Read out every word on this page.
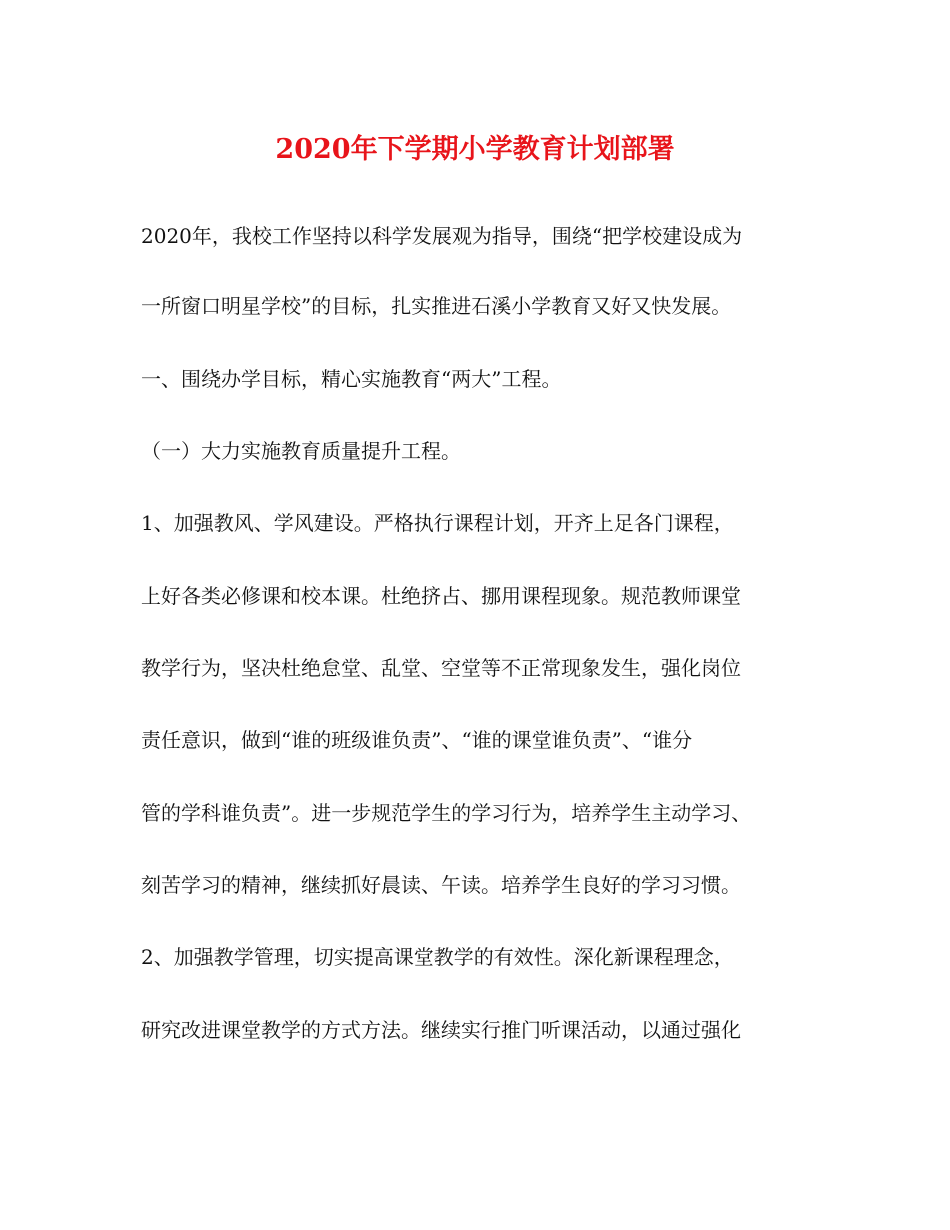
2020年下学期小学教育计划部署
2020年，我校工作坚持以科学发展观为指导，围绕“把学校建设成为
一所窗口明星学校”的目标，扎实推进石溪小学教育又好又快发展。
一、围绕办学目标，精心实施教育“两大”工程。
（一）大力实施教育质量提升工程。
1、加强教风、学风建设。严格执行课程计划，开齐上足各门课程，
上好各类必修课和校本课。杜绝挤占、挪用课程现象。规范教师课堂
教学行为，坚决杜绝怠堂、乱堂、空堂等不正常现象发生，强化岗位
责任意识，做到“谁的班级谁负责”、“谁的课堂谁负责”、“谁分
管的学科谁负责”。进一步规范学生的学习行为，培养学生主动学习、
刻苦学习的精神，继续抓好晨读、午读。培养学生良好的学习习惯。
2、加强教学管理，切实提高课堂教学的有效性。深化新课程理念，
研究改进课堂教学的方式方法。继续实行推门听课活动，以通过强化
